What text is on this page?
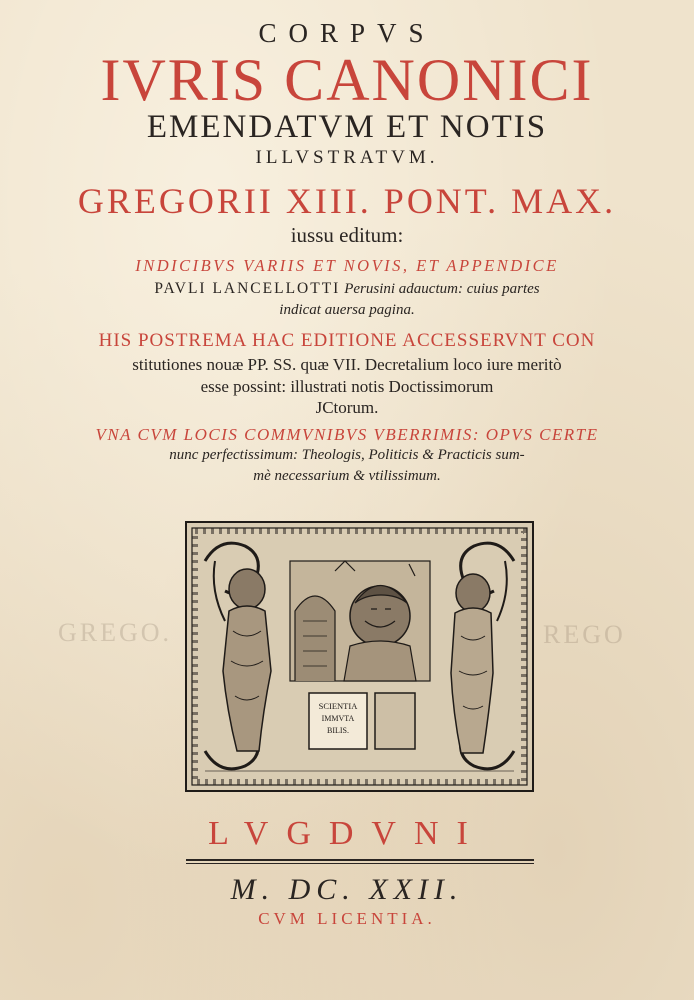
GREGO.	REGO
CORPVS
IVRIS CANONICI
EMENDATVM ET NOTIS
ILLVSTRATVM.
GREGORII XIII. PONT. MAX.
iussu editum:
INDICIBVS VARIIS ET NOVIS, ET APPENDICE
PAVLI LANCELLOTTI Perusini adauctum: cuius partes
indicat auersa pagina.
HIS POSTREMA HAC EDITIONE ACCESSERVNT CON
stitutiones nouæ PP. SS. quæ VII. Decretalium loco iure meritò
esse possint: illustrati notis Doctissimorum
JCtorum.
VNA CVM LOCIS COMMVNIBVS VBERRIMIS: OPVS CERTE
nunc perfectissimum: Theologis, Politicis & Practicis sum-
mè necessarium & vtilissimum.
SCIENTIA
IMMVTA
BILIS.
LVGDVNI
M. DC. XXII.
CVM LICENTIA.
